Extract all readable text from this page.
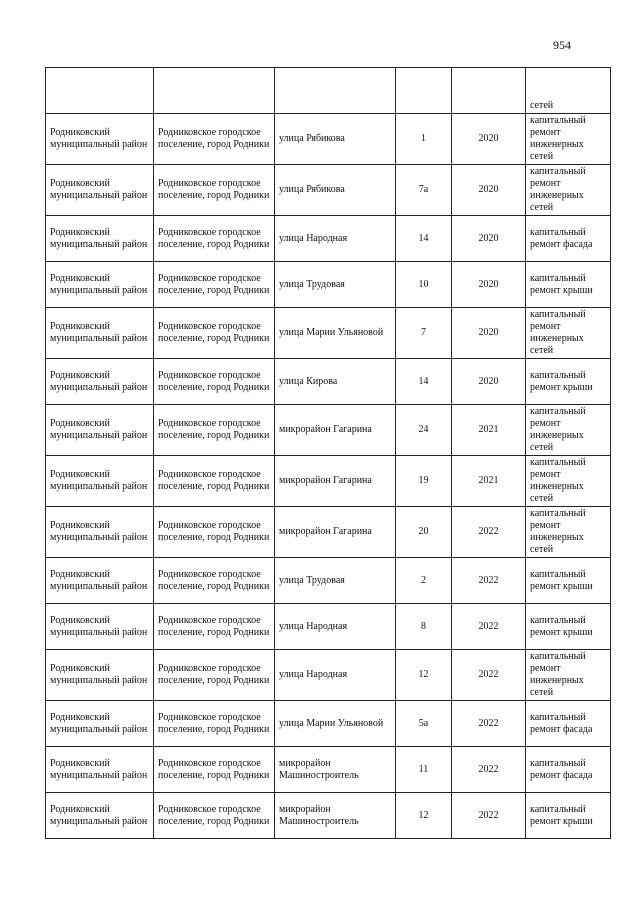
954
					сетей
Родниковский муниципальный район	Родниковское городское поселение, город Родники	улица Рябикова	1	2020	капитальный ремонт инженерных сетей
Родниковский муниципальный район	Родниковское городское поселение, город Родники	улица Рябикова	7а	2020	капитальный ремонт инженерных сетей
Родниковский муниципальный район	Родниковское городское поселение, город Родники	улица Народная	14	2020	капитальный ремонт фасада
Родниковский муниципальный район	Родниковское городское поселение, город Родники	улица Трудовая	10	2020	капитальный ремонт крыши
Родниковский муниципальный район	Родниковское городское поселение, город Родники	улица Марии Ульяновой	7	2020	капитальный ремонт инженерных сетей
Родниковский муниципальный район	Родниковское городское поселение, город Родники	улица Кирова	14	2020	капитальный ремонт крыши
Родниковский муниципальный район	Родниковское городское поселение, город Родники	микрорайон Гагарина	24	2021	капитальный ремонт инженерных сетей
Родниковский муниципальный район	Родниковское городское поселение, город Родники	микрорайон Гагарина	19	2021	капитальный ремонт инженерных сетей
Родниковский муниципальный район	Родниковское городское поселение, город Родники	микрорайон Гагарина	20	2022	капитальный ремонт инженерных сетей
Родниковский муниципальный район	Родниковское городское поселение, город Родники	улица Трудовая	2	2022	капитальный ремонт крыши
Родниковский муниципальный район	Родниковское городское поселение, город Родники	улица Народная	8	2022	капитальный ремонт крыши
Родниковский муниципальный район	Родниковское городское поселение, город Родники	улица Народная	12	2022	капитальный ремонт инженерных сетей
Родниковский муниципальный район	Родниковское городское поселение, город Родники	улица Марии Ульяновой	5а	2022	капитальный ремонт фасада
Родниковский муниципальный район	Родниковское городское поселение, город Родники	микрорайон Машиностроитель	11	2022	капитальный ремонт фасада
Родниковский муниципальный район	Родниковское городское поселение, город Родники	микрорайон Машиностроитель	12	2022	капитальный ремонт крыши
